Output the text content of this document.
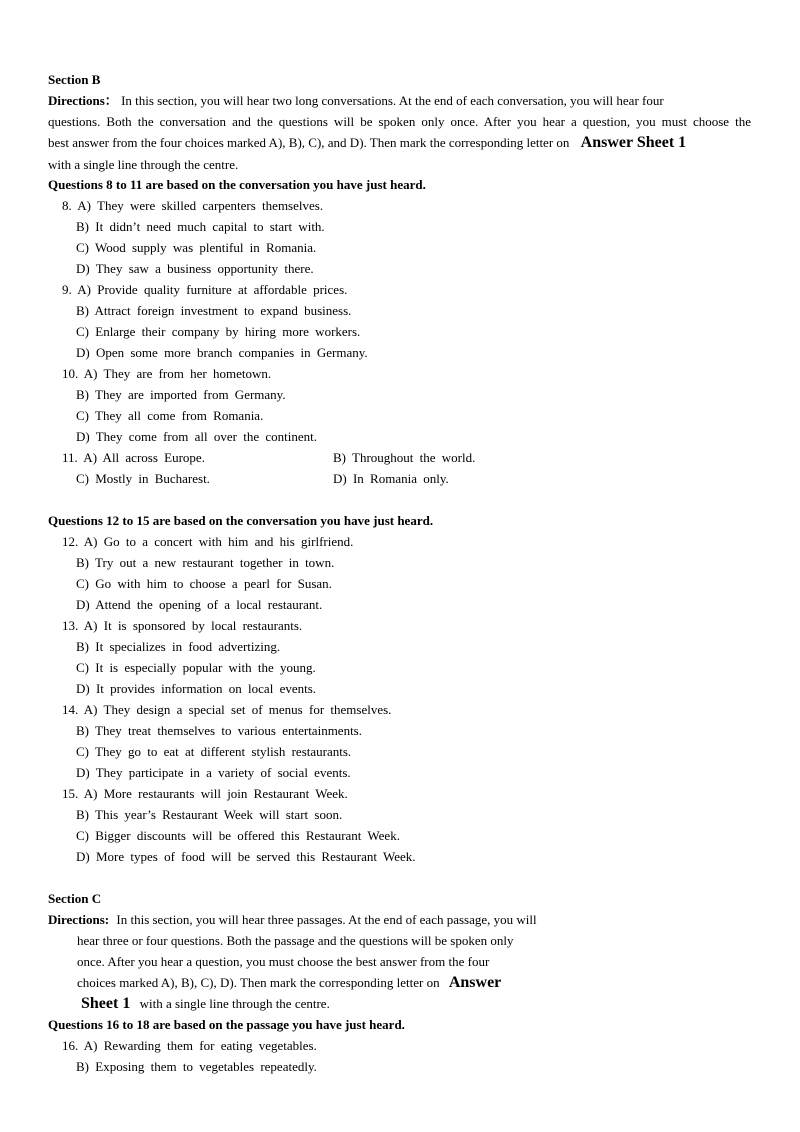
Section B
Directions： In this section, you will hear two long conversations. At the end of each conversation, you will hear four
questions. Both the conversation and the questions will be spoken only once. After you hear a question, you must choose the
best answer from the four choices marked A), B), C), and D). Then mark the corresponding letter on Answer Sheet 1
with a single line through the centre.
Questions 8 to 11 are based on the conversation you have just heard.
8. A) They were skilled carpenters themselves.
B) It didn’t need much capital to start with.
C) Wood supply was plentiful in Romania.
D) They saw a business opportunity there.
9. A) Provide quality furniture at affordable prices.
B) Attract foreign investment to expand business.
C) Enlarge their company by hiring more workers.
D) Open some more branch companies in Germany.
10. A) They are from her hometown.
B) They are imported from Germany.
C) They all come from Romania.
D) They come from all over the continent.
11. A) All across Europe.	B) Throughout the world.
C) Mostly in Bucharest.	D) In Romania only.
Questions 12 to 15 are based on the conversation you have just heard.
12. A) Go to a concert with him and his girlfriend.
B) Try out a new restaurant together in town.
C) Go with him to choose a pearl for Susan.
D) Attend the opening of a local restaurant.
13. A) It is sponsored by local restaurants.
B) It specializes in food advertizing.
C) It is especially popular with the young.
D) It provides information on local events.
14. A) They design a special set of menus for themselves.
B) They treat themselves to various entertainments.
C) They go to eat at different stylish restaurants.
D) They participate in a variety of social events.
15. A) More restaurants will join Restaurant Week.
B) This year’s Restaurant Week will start soon.
C) Bigger discounts will be offered this Restaurant Week.
D) More types of food will be served this Restaurant Week.
Section C
Directions: In this section, you will hear three passages. At the end of each passage, you will
hear three or four questions. Both the passage and the questions will be spoken only
once. After you hear a question, you must choose the best answer from the four
choices marked A), B), C), D). Then mark the corresponding letter on Answer
Sheet 1 with a single line through the centre.
Questions 16 to 18 are based on the passage you have just heard.
16. A) Rewarding them for eating vegetables.
B) Exposing them to vegetables repeatedly.
